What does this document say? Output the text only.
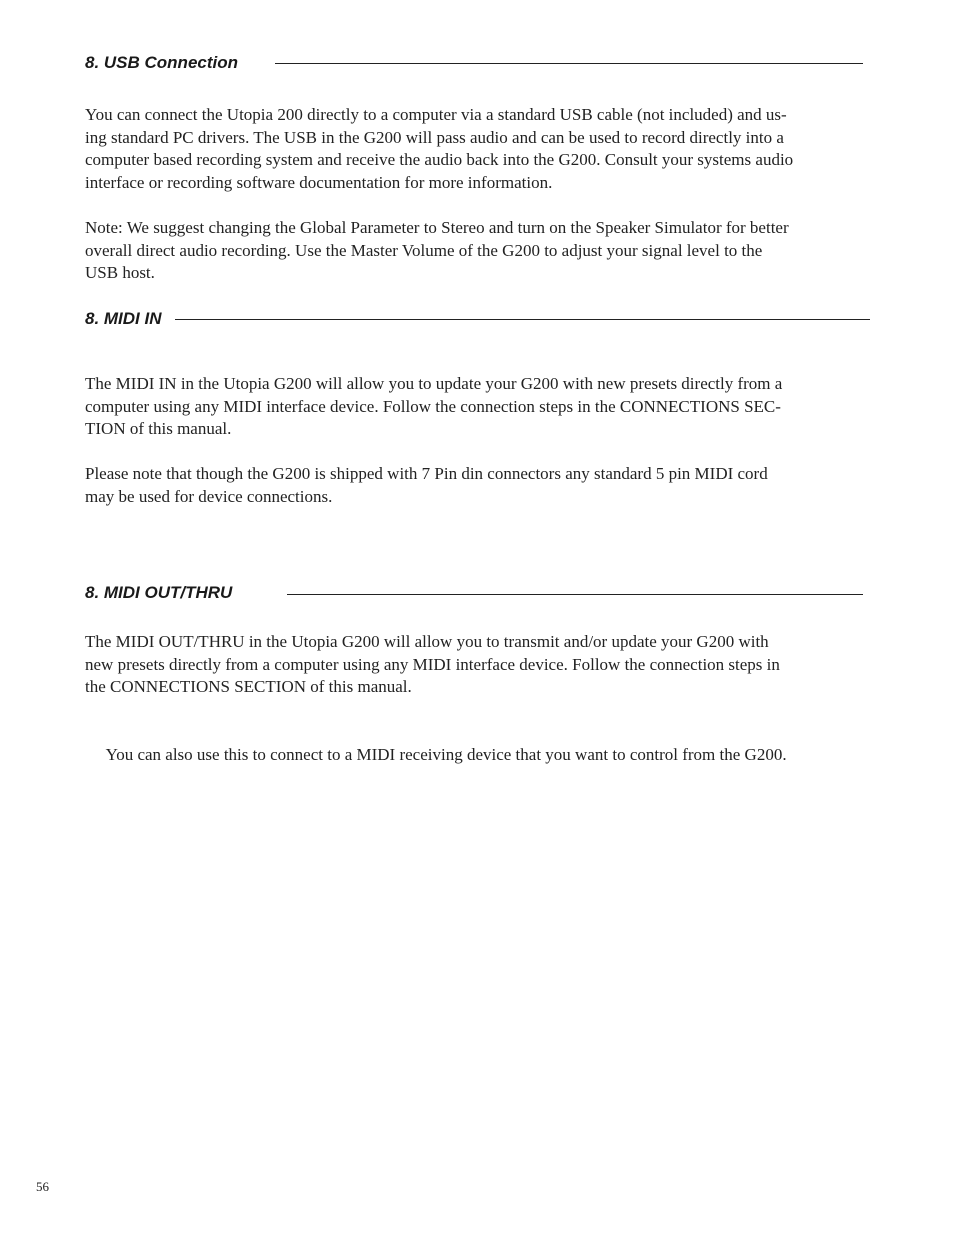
8. USB Connection

You can connect the Utopia 200 directly to a computer via a standard USB cable (not included) and us-
ing standard PC drivers. The USB in the G200 will pass audio and can be used to record directly into a
computer based recording system and receive the audio back into the G200. Consult your systems audio
interface or recording software documentation for more information.

Note: We suggest changing the Global Parameter to Stereo and turn on the Speaker Simulator for better
overall direct audio recording. Use the Master Volume of the G200 to adjust your signal level to the
USB host.

8. MIDI IN

The MIDI IN in the Utopia G200 will allow you to update your G200 with new presets directly from a
computer using any MIDI interface device. Follow the connection steps in the CONNECTIONS SEC-
TION of this manual.

Please note that though the G200 is shipped with 7 Pin din connectors any standard 5 pin MIDI cord
may be used for device connections.

8. MIDI OUT/THRU

The MIDI OUT/THRU in the Utopia G200 will allow you to transmit and/or update your G200 with
new presets directly from a computer using any MIDI interface device. Follow the connection steps in
the CONNECTIONS SECTION of this manual.

You can also use this to connect to a MIDI receiving device that you want to control from the G200.

56
